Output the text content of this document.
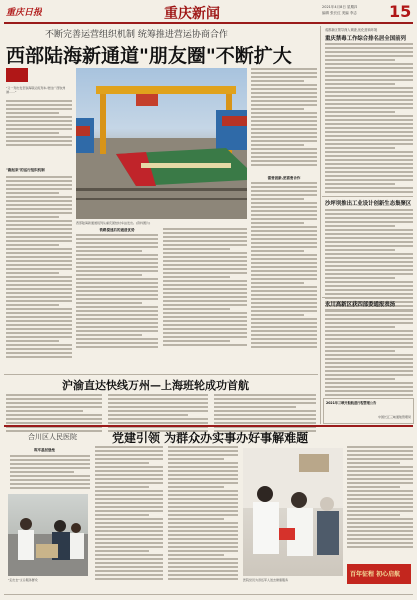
重庆日报	重庆新闻	2021年4月8日 星期四
编辑 张长红 美编 李志 15
不断完善运营组织机制 统筹推进营运协商合作
西部陆海新通道"朋友圈"不断扩大
"又一列出发至铁海联运班列车,驶往广西钦州港……"
"跑起来"的运行组织机制
西部陆海新通道班列从重庆团结村车站发出。(资料图片)
铁路提速后的通道优势
需要创新,更需要合作
沪渝直达快线万州—上海班轮成功首航
成都新区领导深入调查,优化营商环境
重庆禁毒工作综合排名居全国前列
沙坪坝推出工业设计创新生态集聚区
永川高新区获四部委通报表扬
2021年三峡开船航道行程管理公告
中国长江三峡通航管理局
合川区人民医院	党建引领 为群众办实事办好事解难题
筑牢基层堡垒
"走出去"义诊服务群众	医院党员为退伍军人送去健康服务
百年征程 初心启航
